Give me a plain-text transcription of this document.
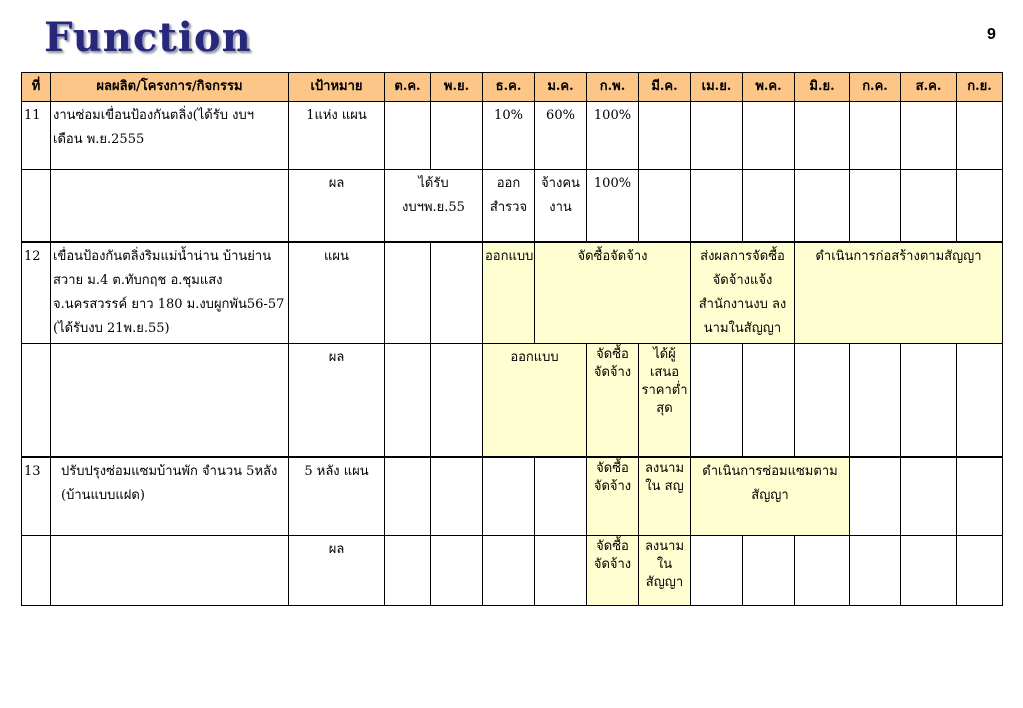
Function	9
ที่	ผลผลิต/โครงการ/กิจกรรม	เป้าหมาย	ต.ค.	พ.ย.	ธ.ค.	ม.ค.	ก.พ.	มี.ค.	เม.ย.	พ.ค.	มิ.ย.	ก.ค.	ส.ค.	ก.ย.
11	งานซ่อมเขื่อนป้องกันตลิ่ง(ได้รับ งบฯ เดือน พ.ย.2555	1แห่ง แผน			10%	60%	100%							
		ผล	ได้รับงบฯพ.ย.55		ออกสำรวจ	จ้างคนงาน	100%							
12	เขื่อนป้องกันตลิ่งริมแม่น้ำน่าน บ้านย่านสวาย ม.4 ต.ทับกฤช อ.ชุมแสง จ.นครสวรรค์ ยาว 180 ม.งบผูกพัน56-57 (ได้รับงบ 21พ.ย.55)	แผน			ออกแบบ	จัดซื้อจัดจ้าง			ส่งผลการจัดซื้อจัดจ้างแจ้งสำนักงานงบ ลงนามในสัญญา		ดำเนินการก่อสร้างตามสัญญา			
		ผล			ออกแบบ		จัดซื้อจัดจ้าง	ได้ผู้เสนอราคาต่ำสุด						
13	ปรับปรุงซ่อมแซมบ้านพัก จำนวน 5หลัง (บ้านแบบแฝด)	5 หลัง แผน					จัดซื้อจัดจ้าง	ลงนามใน สญ	ดำเนินการซ่อมแซมตามสัญญา					
		ผล					จัดซื้อจัดจ้าง	ลงนามในสัญญา						
